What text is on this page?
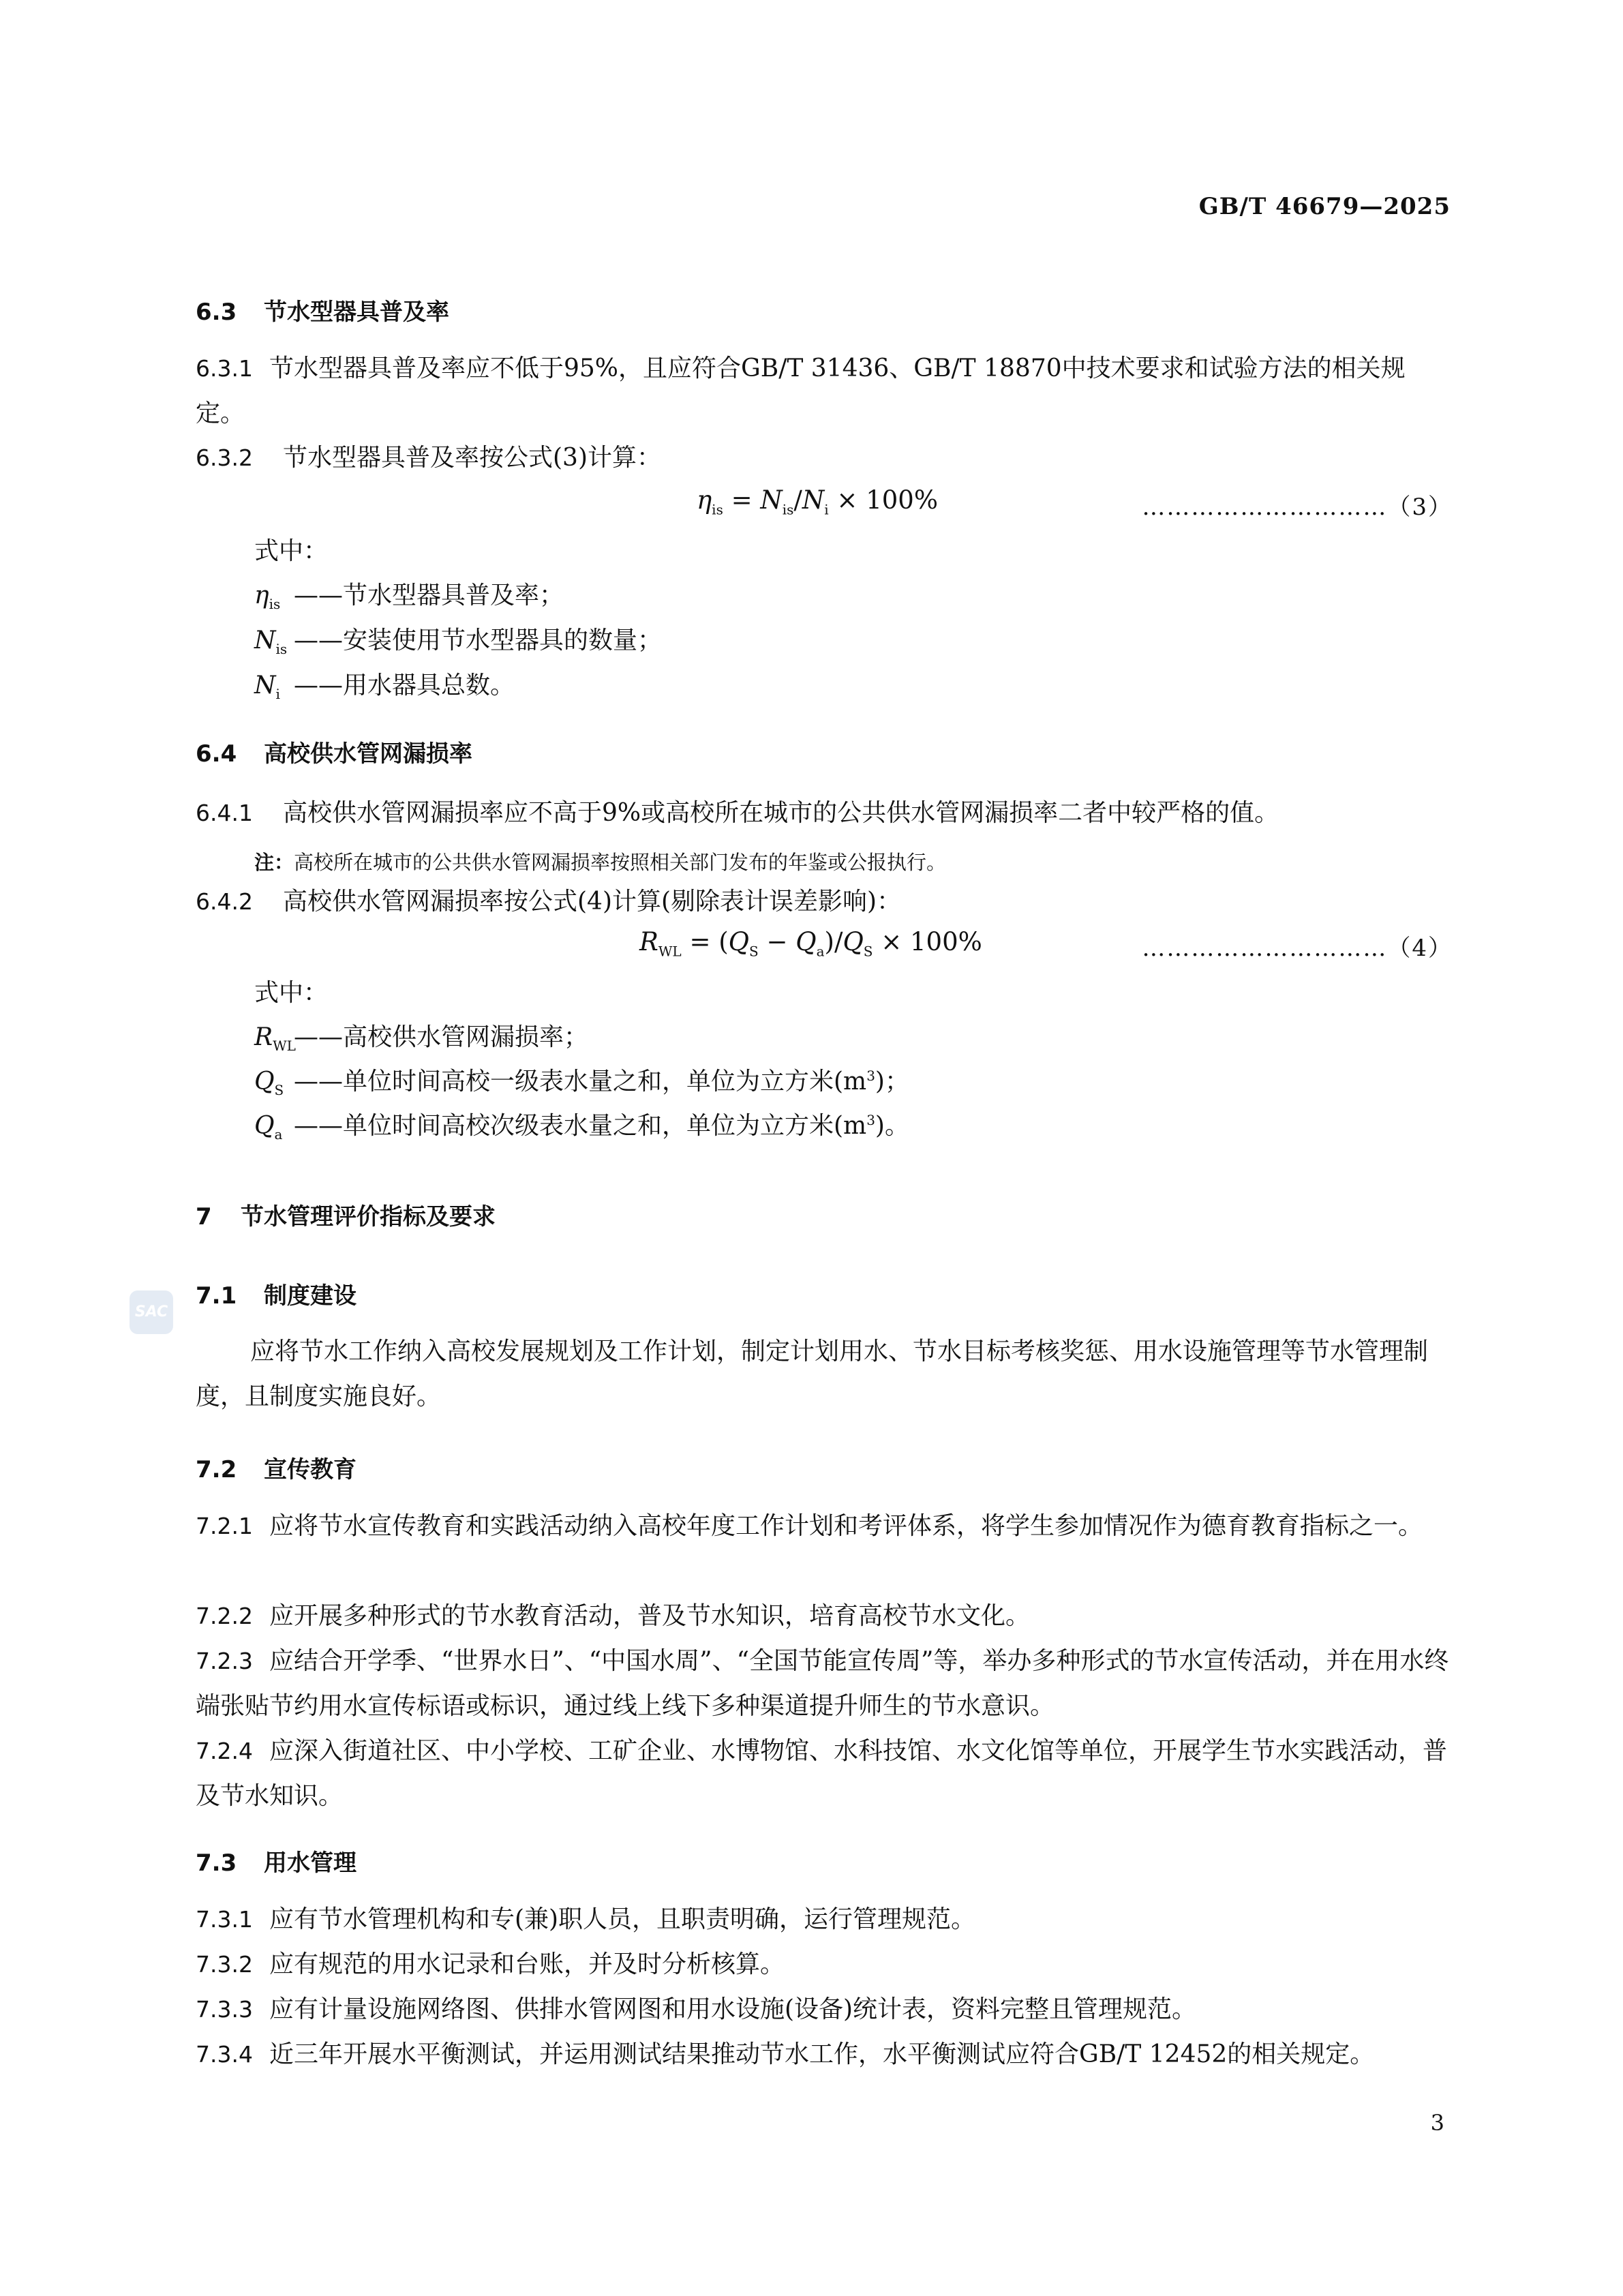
GB/T 46679—2025
6.3 节水型器具普及率
6.3.1 节水型器具普及率应不低于95%，且应符合GB/T 31436、GB/T 18870中技术要求和试验方法的相关规定。
6.3.2 节水型器具普及率按公式(3)计算：
$\eta_{is} = N_{is}/N_i \times 100\%$	…………………………（3）
式中：
$\eta_{is}$ ——节水型器具普及率；
$N_{is}$ ——安装使用节水型器具的数量；
$N_i$ ——用水器具总数。
6.4 高校供水管网漏损率
6.4.1 高校供水管网漏损率应不高于9%或高校所在城市的公共供水管网漏损率二者中较严格的值。
注：高校所在城市的公共供水管网漏损率按照相关部门发布的年鉴或公报执行。
6.4.2 高校供水管网漏损率按公式(4)计算(剔除表计误差影响)：
$R_{WL} = (Q_S - Q_a)/Q_S \times 100\%$	…………………………（4）
式中：
$R_{WL}——$高校供水管网漏损率；
$Q_S$ ——单位时间高校一级表水量之和，单位为立方米$(m^3)$；
$Q_a$ ——单位时间高校次级表水量之和，单位为立方米$(m^3)$。
7 节水管理评价指标及要求
SAC
7.1 制度建设
应将节水工作纳入高校发展规划及工作计划，制定计划用水、节水目标考核奖惩、用水设施管理等节水管理制度，且制度实施良好。
7.2 宣传教育
7.2.1 应将节水宣传教育和实践活动纳入高校年度工作计划和考评体系，将学生参加情况作为德育教育指标之一。
7.2.2 应开展多种形式的节水教育活动，普及节水知识，培育高校节水文化。
7.2.3 应结合开学季、“世界水日”、“中国水周”、“全国节能宣传周”等，举办多种形式的节水宣传活动，并在用水终端张贴节约用水宣传标语或标识，通过线上线下多种渠道提升师生的节水意识。
7.2.4 应深入街道社区、中小学校、工矿企业、水博物馆、水科技馆、水文化馆等单位，开展学生节水实践活动，普及节水知识。
7.3 用水管理
7.3.1 应有节水管理机构和专(兼)职人员，且职责明确，运行管理规范。
7.3.2 应有规范的用水记录和台账，并及时分析核算。
7.3.3 应有计量设施网络图、供排水管网图和用水设施(设备)统计表，资料完整且管理规范。
7.3.4 近三年开展水平衡测试，并运用测试结果推动节水工作，水平衡测试应符合GB/T 12452的相关规定。
3
